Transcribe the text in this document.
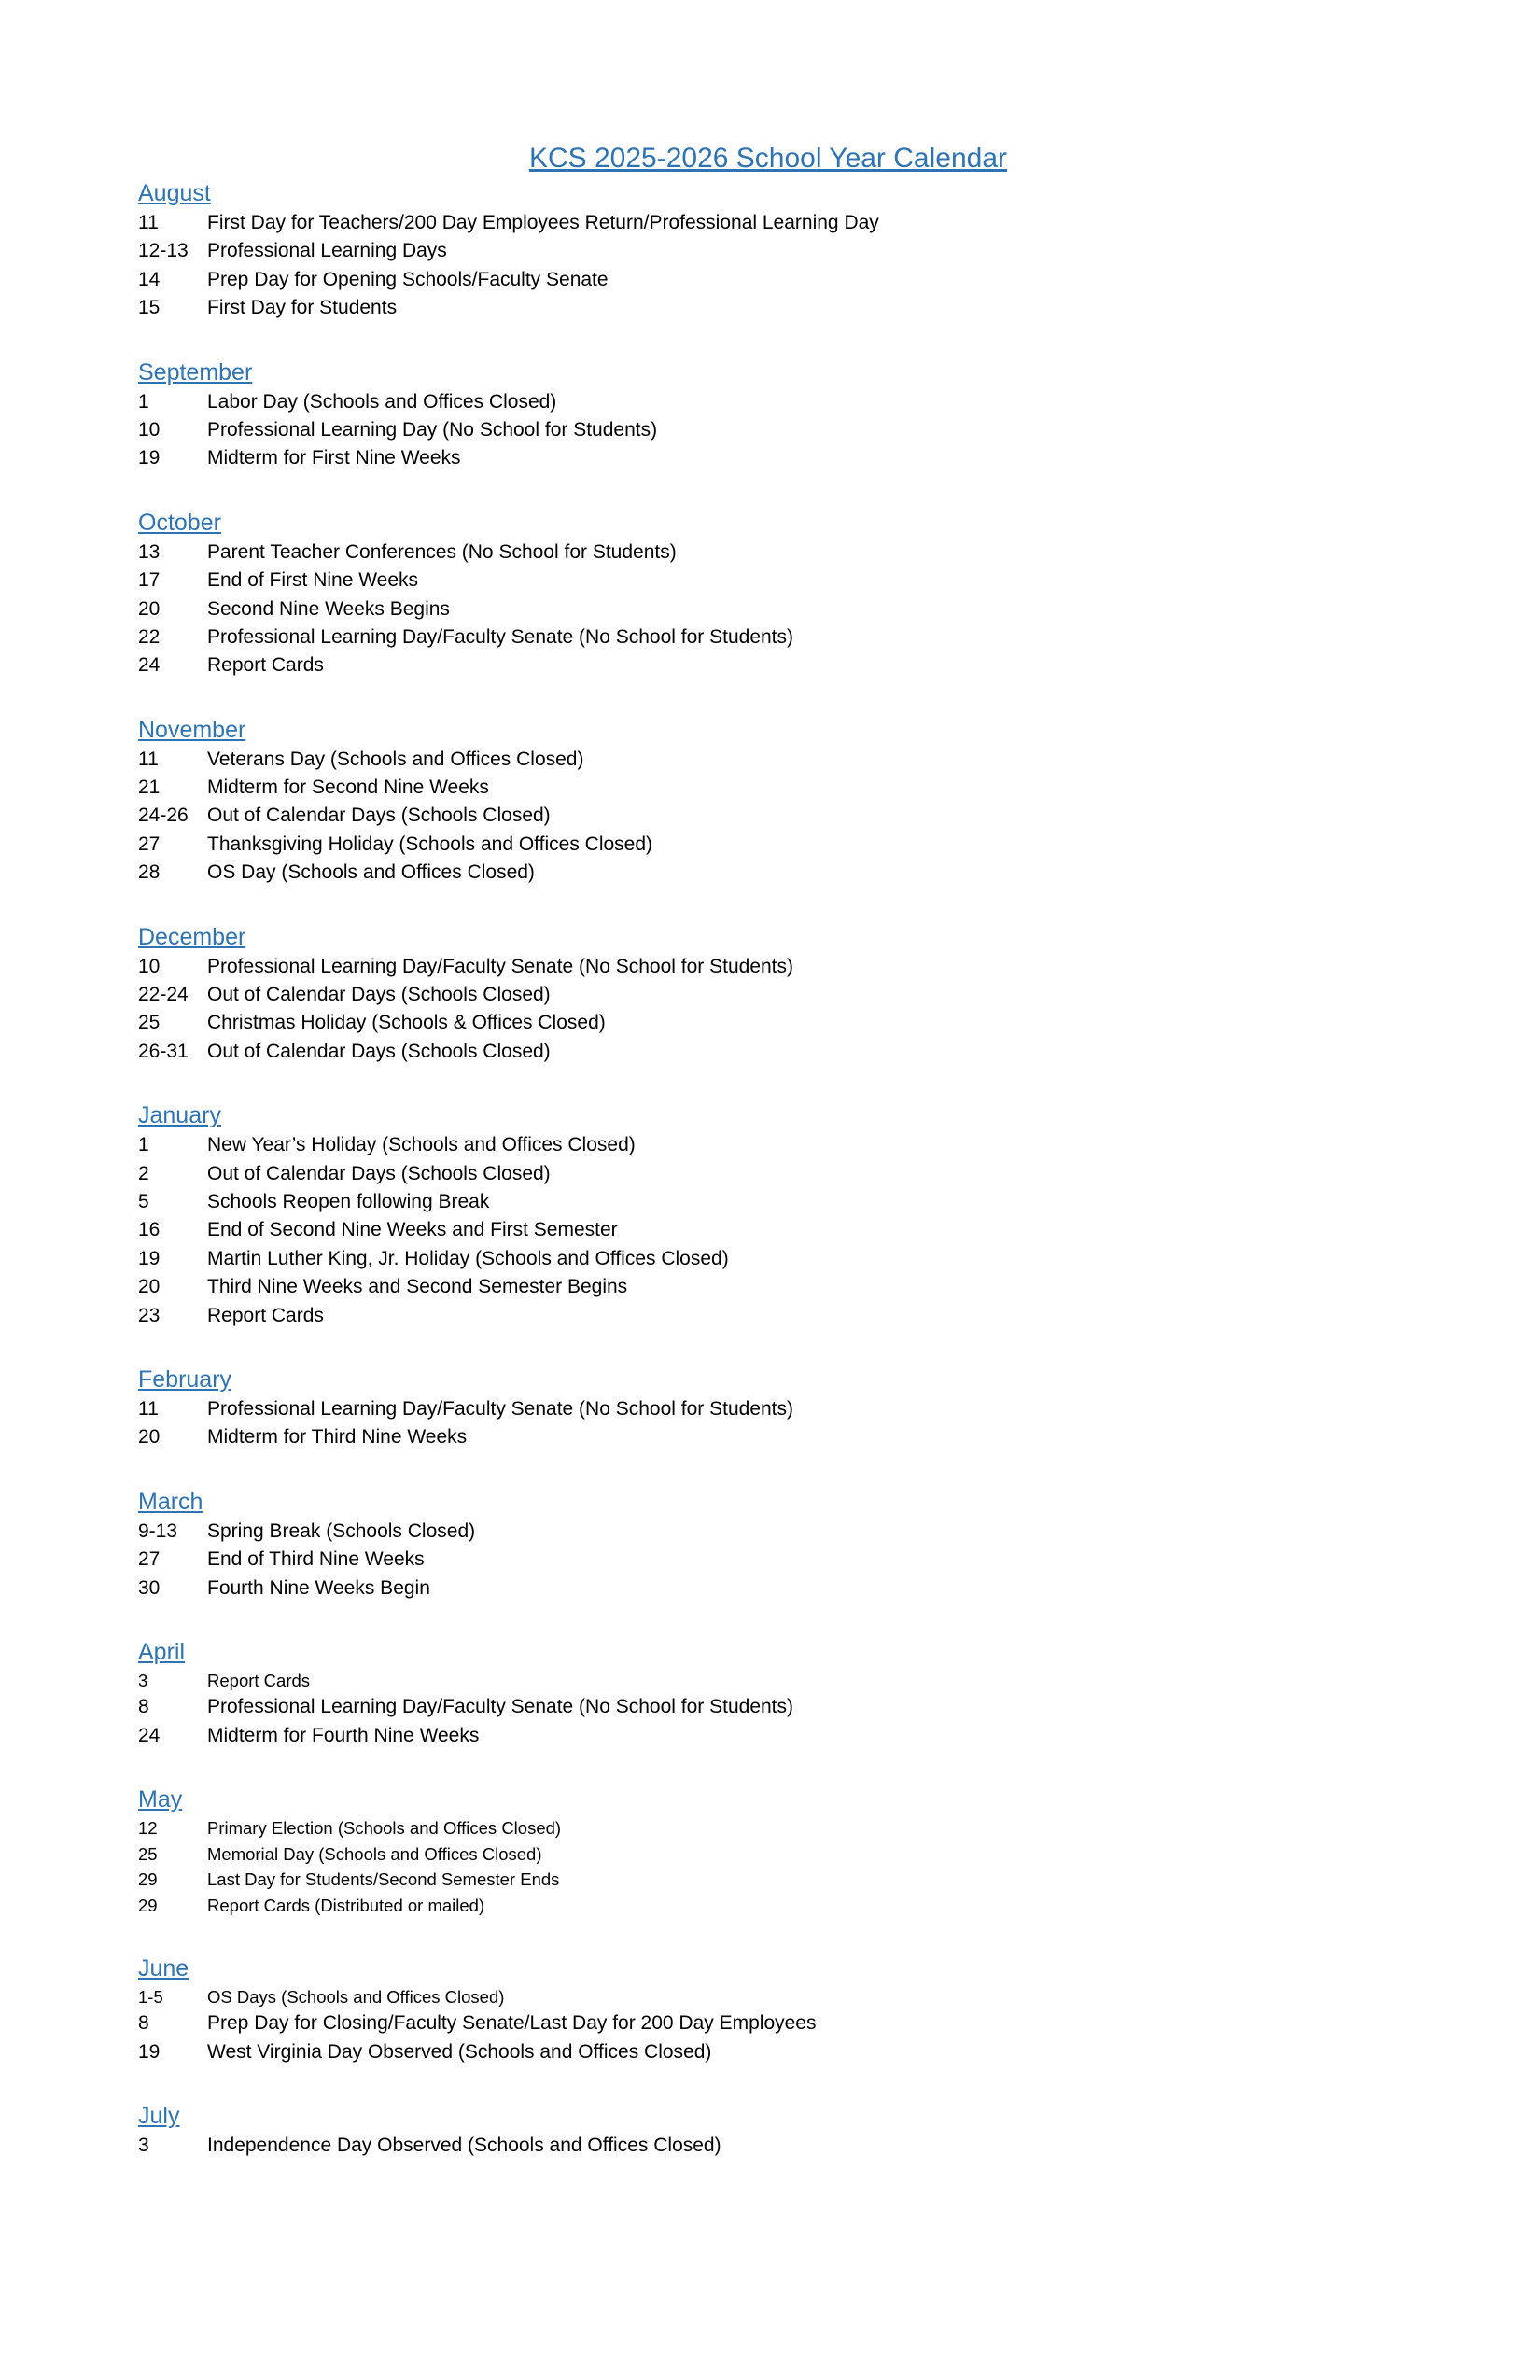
KCS 2025-2026 School Year Calendar
August
11	First Day for Teachers/200 Day Employees Return/Professional Learning Day
12-13 Professional Learning Days
14	Prep Day for Opening Schools/Faculty Senate
15	First Day for Students
September
1	Labor Day (Schools and Offices Closed)
10	Professional Learning Day (No School for Students)
19	Midterm for First Nine Weeks
October
13	Parent Teacher Conferences (No School for Students)
17	End of First Nine Weeks
20	Second Nine Weeks Begins
22	Professional Learning Day/Faculty Senate (No School for Students)
24	Report Cards
November
11	Veterans Day (Schools and Offices Closed)
21	Midterm for Second Nine Weeks
24-26 Out of Calendar Days (Schools Closed)
27	Thanksgiving Holiday (Schools and Offices Closed)
28	OS Day (Schools and Offices Closed)
December
10	Professional Learning Day/Faculty Senate (No School for Students)
22-24 Out of Calendar Days (Schools Closed)
25	Christmas Holiday (Schools & Offices Closed)
26-31 Out of Calendar Days (Schools Closed)
January
1	New Year’s Holiday (Schools and Offices Closed)
2	Out of Calendar Days (Schools Closed)
5	Schools Reopen following Break
16	End of Second Nine Weeks and First Semester
19	Martin Luther King, Jr. Holiday (Schools and Offices Closed)
20	Third Nine Weeks and Second Semester Begins
23	Report Cards
February
11	Professional Learning Day/Faculty Senate (No School for Students)
20	Midterm for Third Nine Weeks
March
9-13	Spring Break (Schools Closed)
27	End of Third Nine Weeks
30	Fourth Nine Weeks Begin
April
3	Report Cards
8	Professional Learning Day/Faculty Senate (No School for Students)
24	Midterm for Fourth Nine Weeks
May
12	Primary Election (Schools and Offices Closed)
25	Memorial Day (Schools and Offices Closed)
29	Last Day for Students/Second Semester Ends
29	Report Cards (Distributed or mailed)
June
1-5	OS Days (Schools and Offices Closed)
8	Prep Day for Closing/Faculty Senate/Last Day for 200 Day Employees
19	West Virginia Day Observed (Schools and Offices Closed)
July
3	Independence Day Observed (Schools and Offices Closed)
